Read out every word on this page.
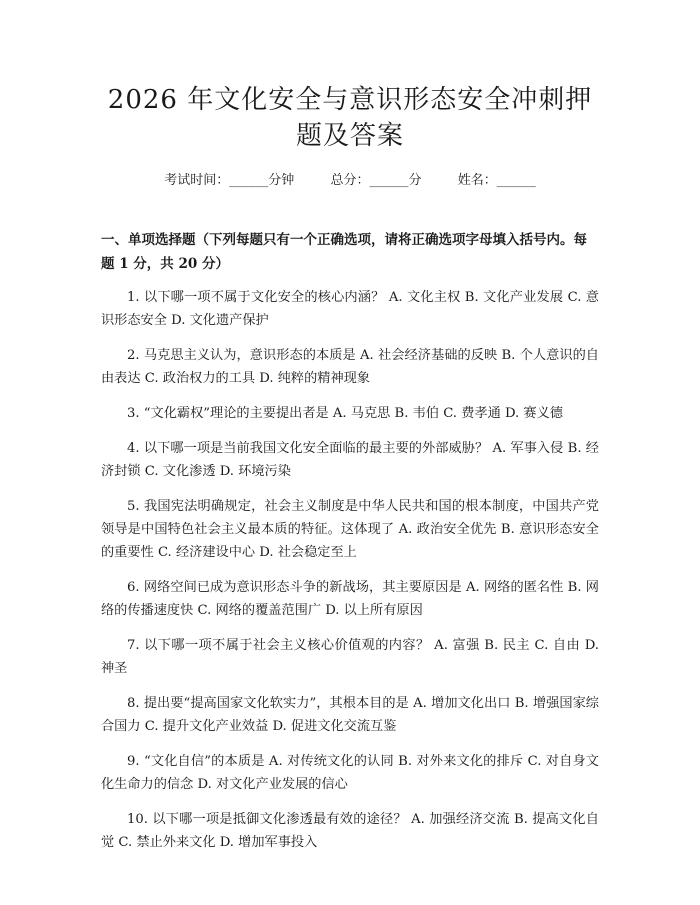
2026 年文化安全与意识形态安全冲刺押题及答案
考试时间：______分钟	总分：______分	姓名：______
一、单项选择题（下列每题只有一个正确选项，请将正确选项字母填入括号内。每题 1 分，共 20 分）

1. 以下哪一项不属于文化安全的核心内涵？ A. 文化主权 B. 文化产业发展 C. 意识形态安全 D. 文化遗产保护

2. 马克思主义认为，意识形态的本质是 A. 社会经济基础的反映 B. 个人意识的自由表达 C. 政治权力的工具 D. 纯粹的精神现象

3. “文化霸权”理论的主要提出者是 A. 马克思 B. 韦伯 C. 费孝通 D. 赛义德

4. 以下哪一项是当前我国文化安全面临的最主要的外部威胁？ A. 军事入侵 B. 经济封锁 C. 文化渗透 D. 环境污染

5. 我国宪法明确规定，社会主义制度是中华人民共和国的根本制度，中国共产党领导是中国特色社会主义最本质的特征。这体现了 A. 政治安全优先 B. 意识形态安全的重要性 C. 经济建设中心 D. 社会稳定至上

6. 网络空间已成为意识形态斗争的新战场，其主要原因是 A. 网络的匿名性 B. 网络的传播速度快 C. 网络的覆盖范围广 D. 以上所有原因

7. 以下哪一项不属于社会主义核心价值观的内容？ A. 富强 B. 民主 C. 自由 D. 神圣

8. 提出要“提高国家文化软实力”，其根本目的是 A. 增加文化出口 B. 增强国家综合国力 C. 提升文化产业效益 D. 促进文化交流互鉴

9. “文化自信”的本质是 A. 对传统文化的认同 B. 对外来文化的排斥 C. 对自身文化生命力的信念 D. 对文化产业发展的信心

10. 以下哪一项是抵御文化渗透最有效的途径？ A. 加强经济交流 B. 提高文化自觉 C. 禁止外来文化 D. 增加军事投入
